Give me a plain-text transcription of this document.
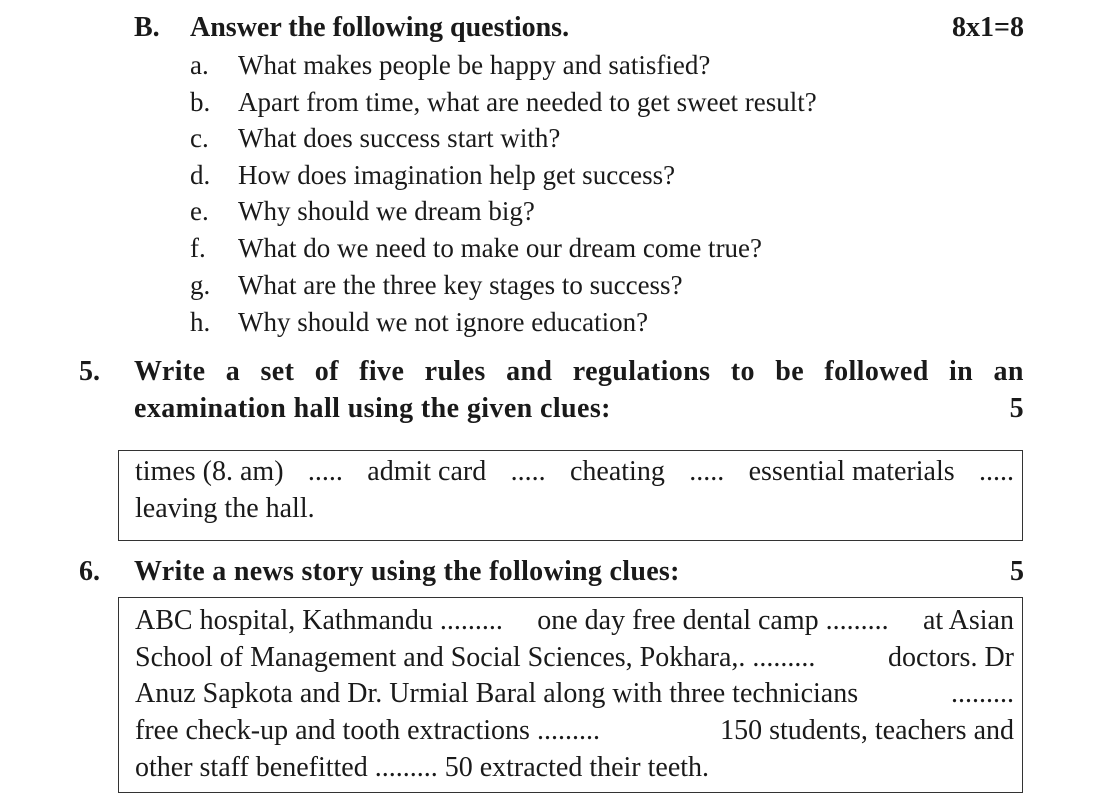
B. Answer the following questions.	8x1=8
a. What makes people be happy and satisfied?
b. Apart from time, what are needed to get sweet result?
c. What does success start with?
d. How does imagination help get success?
e. Why should we dream big?
f. What do we need to make our dream come true?
g. What are the three key stages to success?
h. Why should we not ignore education?
5. Write a set of five rules and regulations to be followed in an
examination hall using the given clues:	5
times (8. am) ..... admit card ..... cheating ..... essential materials .....
leaving the hall.
6. Write a news story using the following clues:	5
ABC hospital, Kathmandu ......... one day free dental camp ......... at Asian
School of Management and Social Sciences, Pokhara,. .........	doctors. Dr
Anuz Sapkota and Dr. Urmial Baral along with three technicians	.........
free check-up and tooth extractions .........	150 students, teachers and
other staff benefitted ......... 50 extracted their teeth.
